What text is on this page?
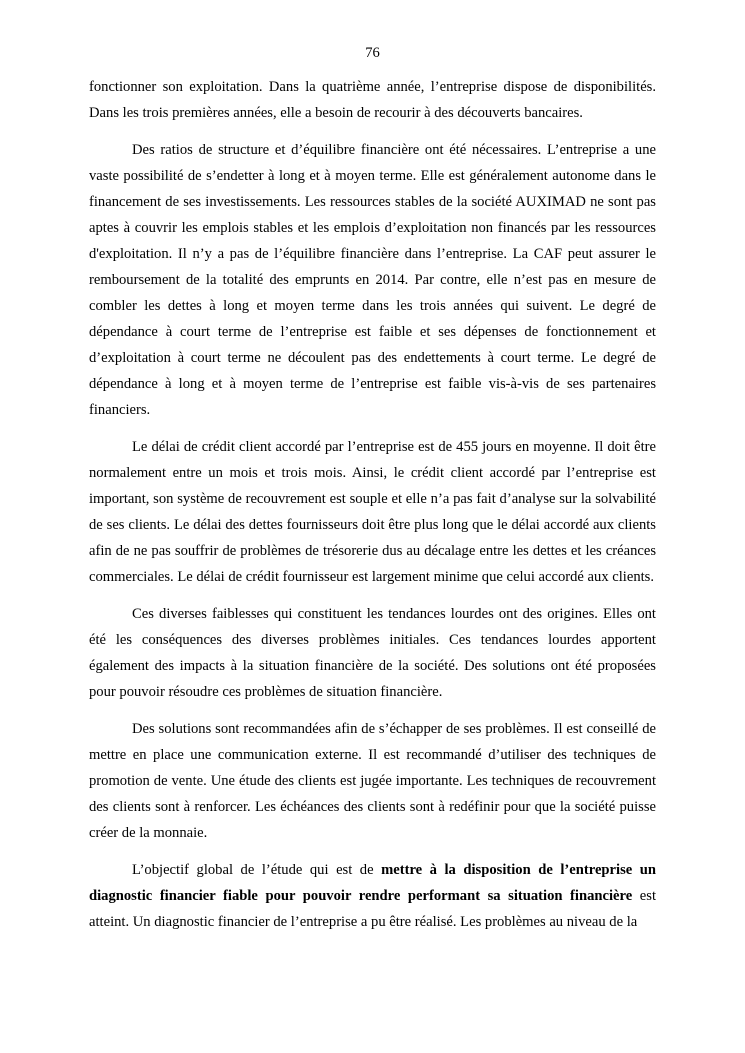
76

fonctionner son exploitation. Dans la quatrième année, l’entreprise dispose de disponibilités. Dans les trois premières années, elle a besoin de recourir à des découverts bancaires.

Des ratios de structure et d’équilibre financière ont été nécessaires. L’entreprise a une vaste possibilité de s’endetter à long et à moyen terme. Elle est généralement autonome dans le financement de ses investissements. Les ressources stables de la société AUXIMAD ne sont pas aptes à couvrir les emplois stables et les emplois d’exploitation non financés par les ressources d'exploitation. Il n’y a pas de l’équilibre financière dans l’entreprise. La CAF peut assurer le remboursement de la totalité des emprunts en 2014. Par contre, elle n’est pas en mesure de combler les dettes à long et moyen terme dans les trois années qui suivent. Le degré de dépendance à court terme de l’entreprise est faible et ses dépenses de fonctionnement et d’exploitation à court terme ne découlent pas des endettements à court terme. Le degré de dépendance à long et à moyen terme de l’entreprise est faible vis-à-vis de ses partenaires financiers.

Le délai de crédit client accordé par l’entreprise est de 455 jours en moyenne. Il doit être normalement entre un mois et trois mois. Ainsi, le crédit client accordé par l’entreprise est important, son système de recouvrement est souple et elle n’a pas fait d’analyse sur la solvabilité de ses clients. Le délai des dettes fournisseurs doit être plus long que le délai accordé aux clients afin de ne pas souffrir de problèmes de trésorerie dus au décalage entre les dettes et les créances commerciales. Le délai de crédit fournisseur est largement minime que celui accordé aux clients.

Ces diverses faiblesses qui constituent les tendances lourdes ont des origines. Elles ont été les conséquences des diverses problèmes initiales. Ces tendances lourdes apportent également des impacts à la situation financière de la société. Des solutions ont été proposées pour pouvoir résoudre ces problèmes de situation financière.

Des solutions sont recommandées afin de s’échapper de ses problèmes. Il est conseillé de mettre en place une communication externe. Il est recommandé d’utiliser des techniques de promotion de vente. Une étude des clients est jugée importante. Les techniques de recouvrement des clients sont à renforcer. Les échéances des clients sont à redéfinir pour que la société puisse créer de la monnaie.

L’objectif global de l’étude qui est de mettre à la disposition de l’entreprise un diagnostic financier fiable pour pouvoir rendre performant sa situation financière est atteint. Un diagnostic financier de l’entreprise a pu être réalisé. Les problèmes au niveau de la
